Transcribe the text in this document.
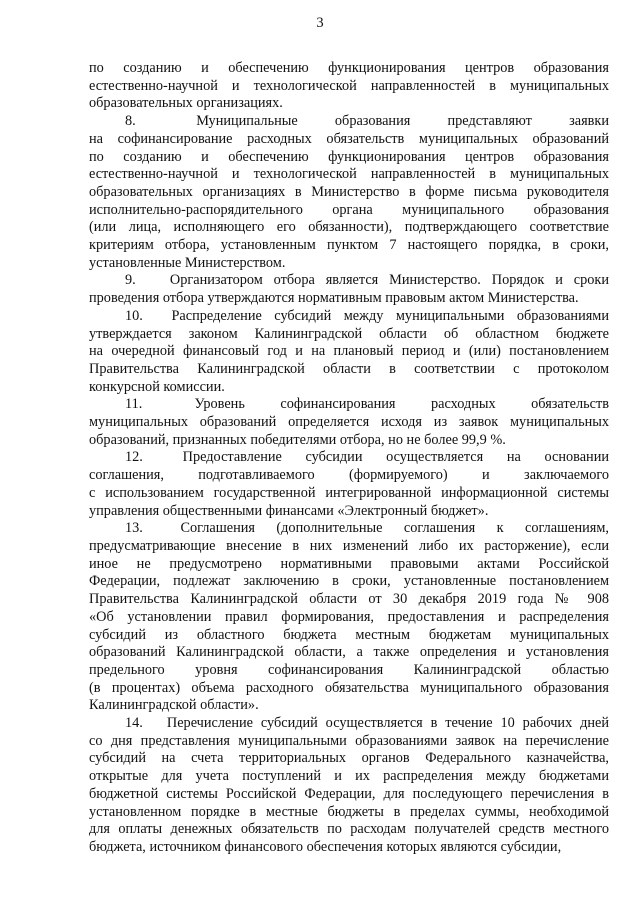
3
по созданию и обеспечению функционирования центров образования
естественно-научной и технологической направленностей в муниципальных
образовательных организациях.
8.	Муниципальные образования представляют заявки
на софинансирование расходных обязательств муниципальных образований
по созданию и обеспечению функционирования центров образования
естественно-научной и технологической направленностей в муниципальных
образовательных организациях в Министерство в форме письма руководителя
исполнительно-распорядительного органа муниципального образования
(или лица, исполняющего его обязанности), подтверждающего соответствие
критериям отбора, установленным пунктом 7 настоящего порядка, в сроки,
установленные Министерством.
9. Организатором отбора является Министерство. Порядок и сроки
проведения отбора утверждаются нормативным правовым актом Министерства.
10. Распределение субсидий между муниципальными образованиями
утверждается законом Калининградской области об областном бюджете
на очередной финансовый год и на плановый период и (или) постановлением
Правительства Калининградской области в соответствии с протоколом
конкурсной комиссии.
11.	Уровень софинансирования расходных обязательств
муниципальных образований определяется исходя из заявок муниципальных
образований, признанных победителями отбора, но не более 99,9 %.
12.	Предоставление субсидии осуществляется на основании
соглашения, подготавливаемого (формируемого) и заключаемого
с использованием государственной интегрированной информационной системы
управления общественными финансами «Электронный бюджет».
13.	Соглашения (дополнительные соглашения к соглашениям,
предусматривающие внесение в них изменений либо их расторжение), если
иное не предусмотрено нормативными правовыми актами Российской
Федерации, подлежат заключению в сроки, установленные постановлением
Правительства Калининградской области от 30 декабря 2019 года № 908
«Об установлении правил формирования, предоставления и распределения
субсидий из областного бюджета местным бюджетам муниципальных
образований Калининградской области, а также определения и установления
предельного уровня софинансирования Калининградской областью
(в процентах) объема расходного обязательства муниципального образования
Калининградской области».
14. Перечисление субсидий осуществляется в течение 10 рабочих дней
со дня представления муниципальными образованиями заявок на перечисление
субсидий на счета территориальных органов Федерального казначейства,
открытые для учета поступлений и их распределения между бюджетами
бюджетной системы Российской Федерации, для последующего перечисления в
установленном порядке в местные бюджеты в пределах суммы, необходимой
для оплаты денежных обязательств по расходам получателей средств местного
бюджета, источником финансового обеспечения которых являются субсидии,
